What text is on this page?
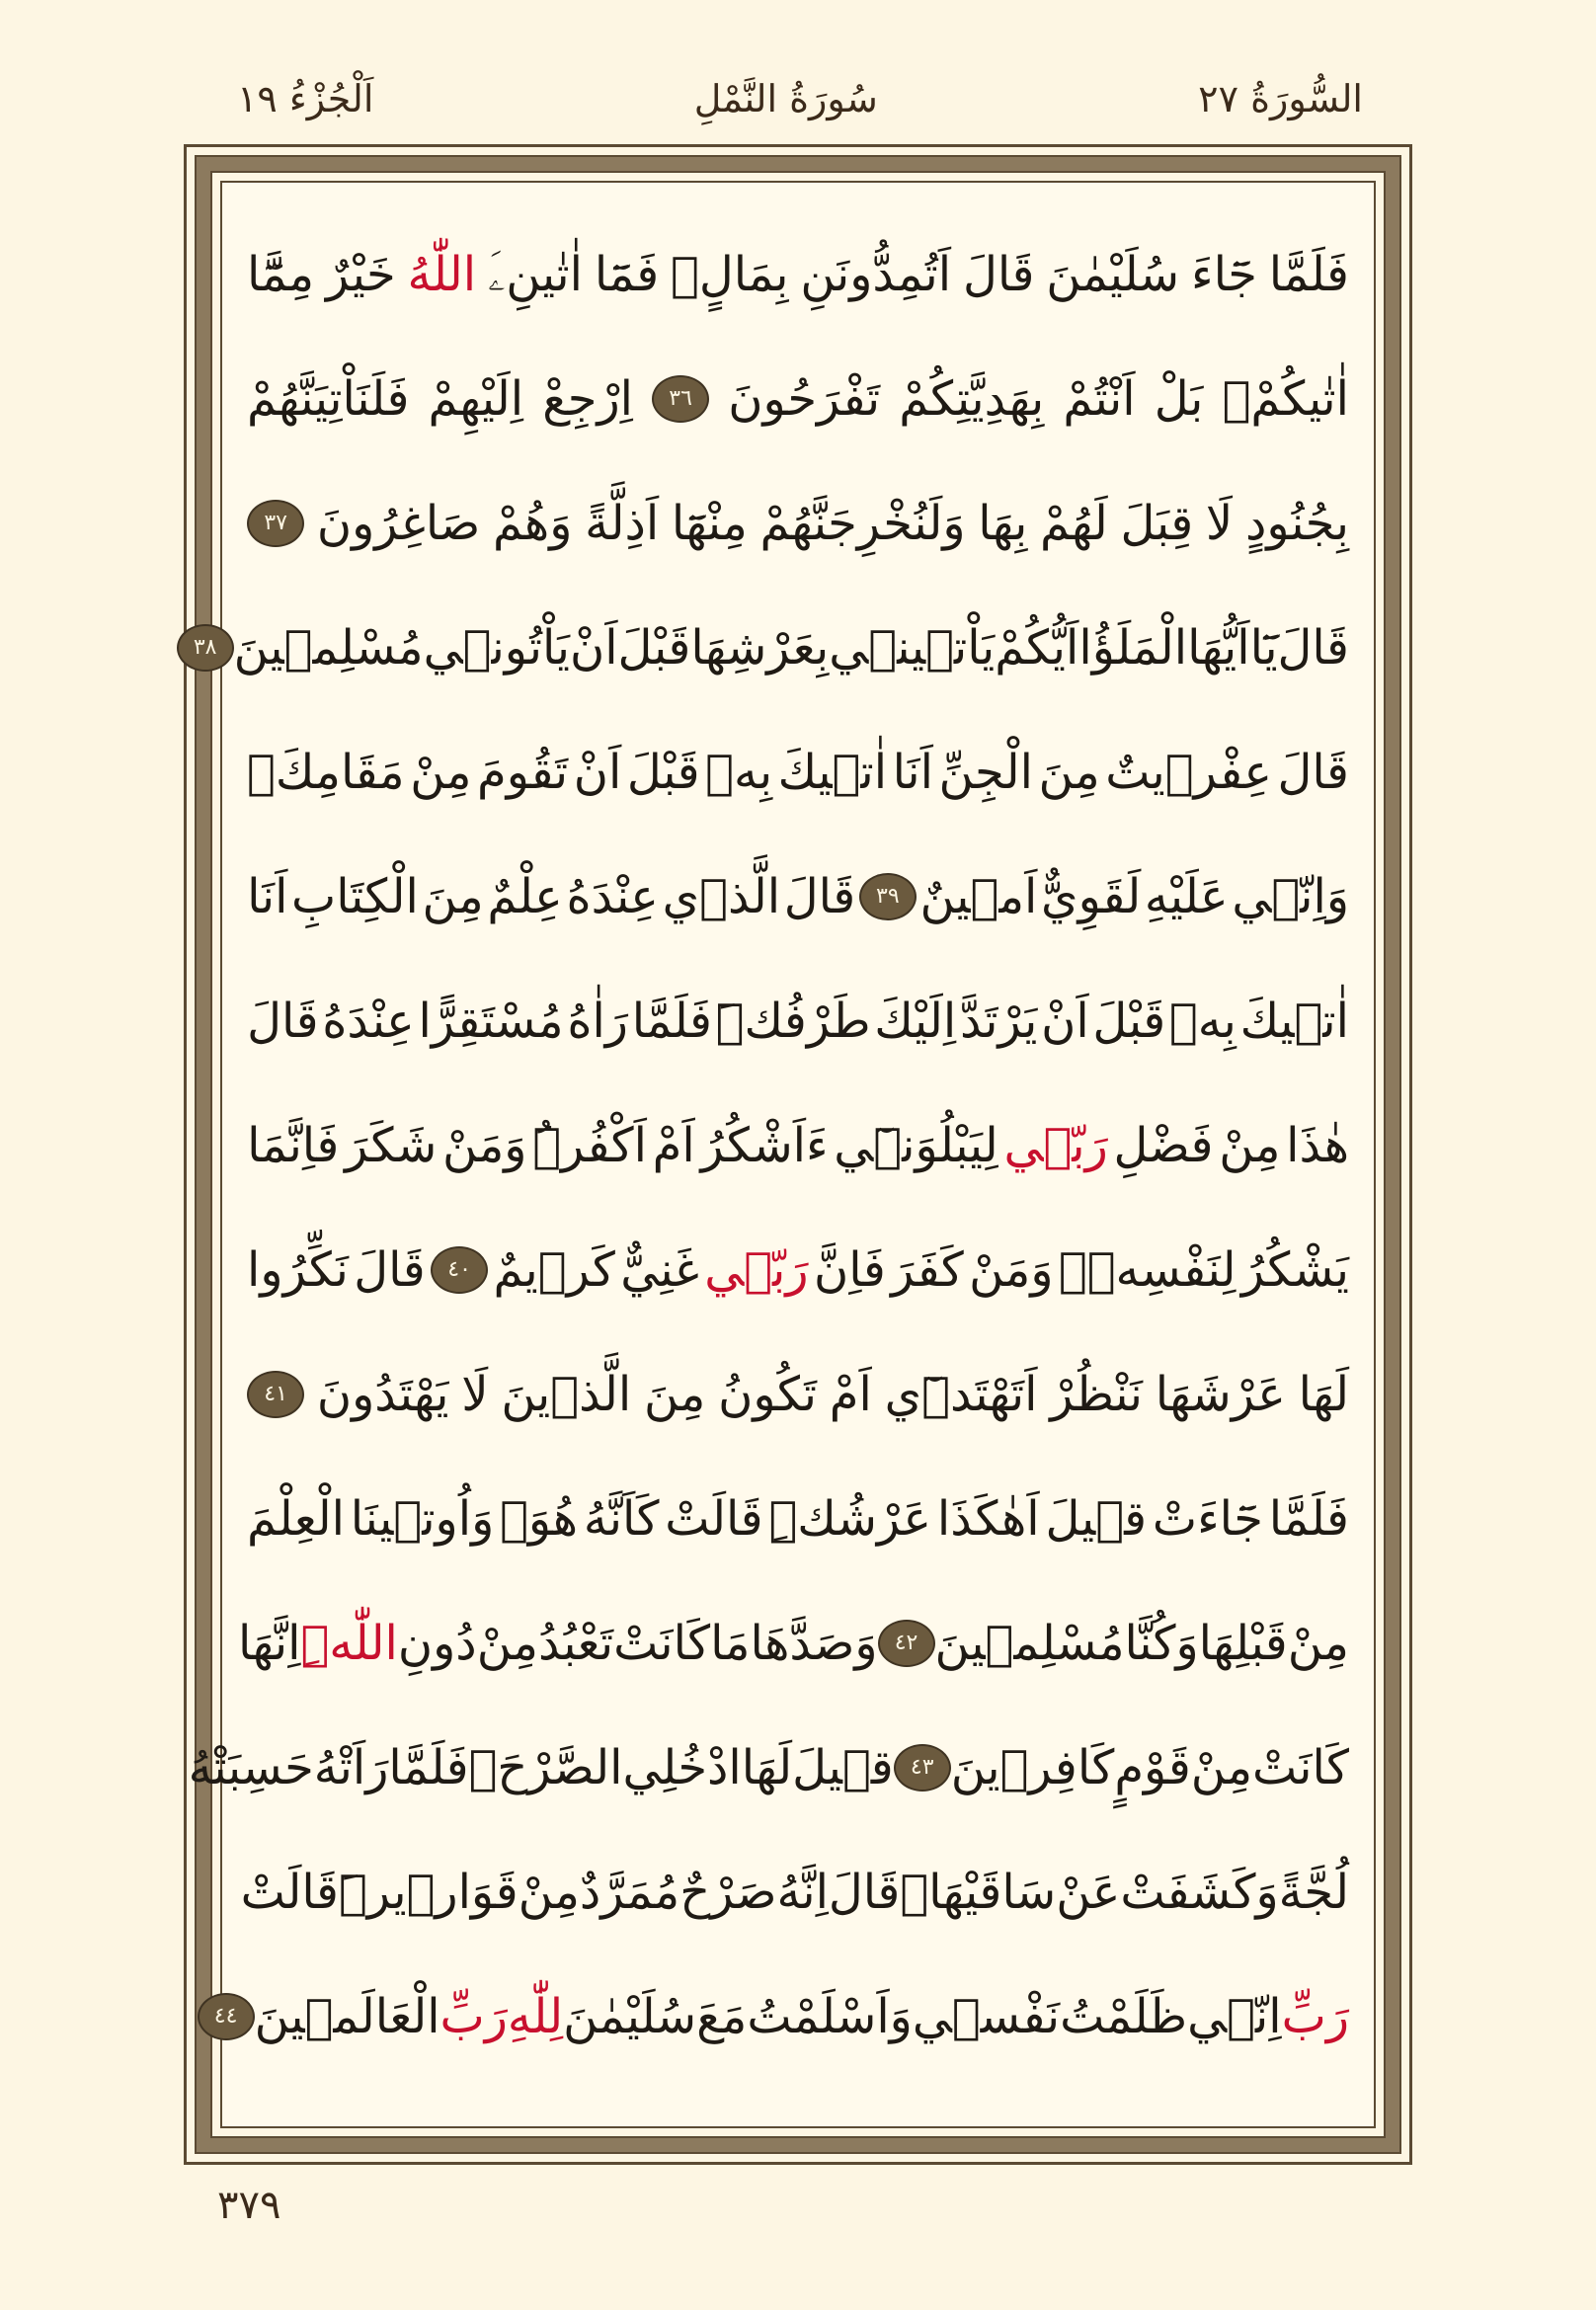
السُّورَةُ ٢٧
سُورَةُ النَّمْلِ
اَلْجُزْءُ ١٩
فَلَمَّا
جَٓاءَ
سُلَيْمٰنَ
قَالَ
اَتُمِدُّونَنِ
بِمَالٍۘ
فَمَٓا
اٰتٰينِۦَ
اللّٰهُ
خَيْرٌ
مِمَّٓا
اٰتٰيكُمْۚ
بَلْ
اَنْتُمْ
بِهَدِيَّتِكُمْ
تَفْرَحُونَ
٣٦
اِرْجِعْ
اِلَيْهِمْ
فَلَنَاْتِيَنَّهُمْ
بِجُنُودٍ
لَا
قِبَلَ
لَهُمْ
بِهَا
وَلَنُخْرِجَنَّهُمْ
مِنْهَٓا
اَذِلَّةً
وَهُمْ
صَاغِرُونَ
٣٧
قَالَ
يَٓا
اَيُّهَا
الْمَلَؤُا
اَيُّكُمْ
يَاْتٖينٖي
بِعَرْشِهَا
قَبْلَ
اَنْ
يَاْتُونٖي
مُسْلِمٖينَ
٣٨
قَالَ
عِفْرٖيتٌ
مِنَ
الْجِنِّ
اَنَا
اٰتٖيكَ
بِهٖ
قَبْلَ
اَنْ
تَقُومَ
مِنْ
مَقَامِكَۚ
وَاِنّٖي
عَلَيْهِ
لَقَوِيٌّ
اَمٖينٌ
٣٩
قَالَ
الَّذٖي
عِنْدَهُ
عِلْمٌ
مِنَ
الْكِتَابِ
اَنَا
اٰتٖيكَ
بِهٖ
قَبْلَ
اَنْ
يَرْتَدَّ
اِلَيْكَ
طَرْفُكَۜ
فَلَمَّا
رَاٰهُ
مُسْتَقِرًّا
عِنْدَهُ
قَالَ
هٰذَا
مِنْ
فَضْلِ
رَبّٖي
لِيَبْلُوَنٖٓي
ءَاَشْكُرُ
اَمْ
اَكْفُرُۜ
وَمَنْ
شَكَرَ
فَاِنَّمَا
يَشْكُرُ
لِنَفْسِهٖۚ
وَمَنْ
كَفَرَ
فَاِنَّ
رَبّٖي
غَنِيٌّ
كَرٖيمٌ
٤٠
قَالَ
نَكِّرُوا
لَهَا
عَرْشَهَا
نَنْظُرْ
اَتَهْتَدٖٓي
اَمْ
تَكُونُ
مِنَ
الَّذٖينَ
لَا
يَهْتَدُونَ
٤١
فَلَمَّا
جَٓاءَتْ
قٖيلَ
اَهٰكَذَا
عَرْشُكِۜ
قَالَتْ
كَاَنَّهُ
هُوَۚ
وَاُوتٖينَا
الْعِلْمَ
مِنْ
قَبْلِهَا
وَكُنَّا
مُسْلِمٖينَ
٤٢
وَصَدَّهَا
مَا
كَانَتْ
تَعْبُدُ
مِنْ
دُونِ
اللّٰهِۜ
اِنَّهَا
كَانَتْ
مِنْ
قَوْمٍ
كَافِرٖينَ
٤٣
قٖيلَ
لَهَا
ادْخُلِي
الصَّرْحَۚ
فَلَمَّا
رَاَتْهُ
حَسِبَتْهُ
لُجَّةً
وَكَشَفَتْ
عَنْ
سَاقَيْهَاۜ
قَالَ
اِنَّهُ
صَرْحٌ
مُمَرَّدٌ
مِنْ
قَوَارٖيرَۜ
قَالَتْ
رَبِّ
اِنّٖي
ظَلَمْتُ
نَفْسٖي
وَاَسْلَمْتُ
مَعَ
سُلَيْمٰنَ
لِلّٰهِ
رَبِّ
الْعَالَمٖينَ
٤٤
٣٧٩
